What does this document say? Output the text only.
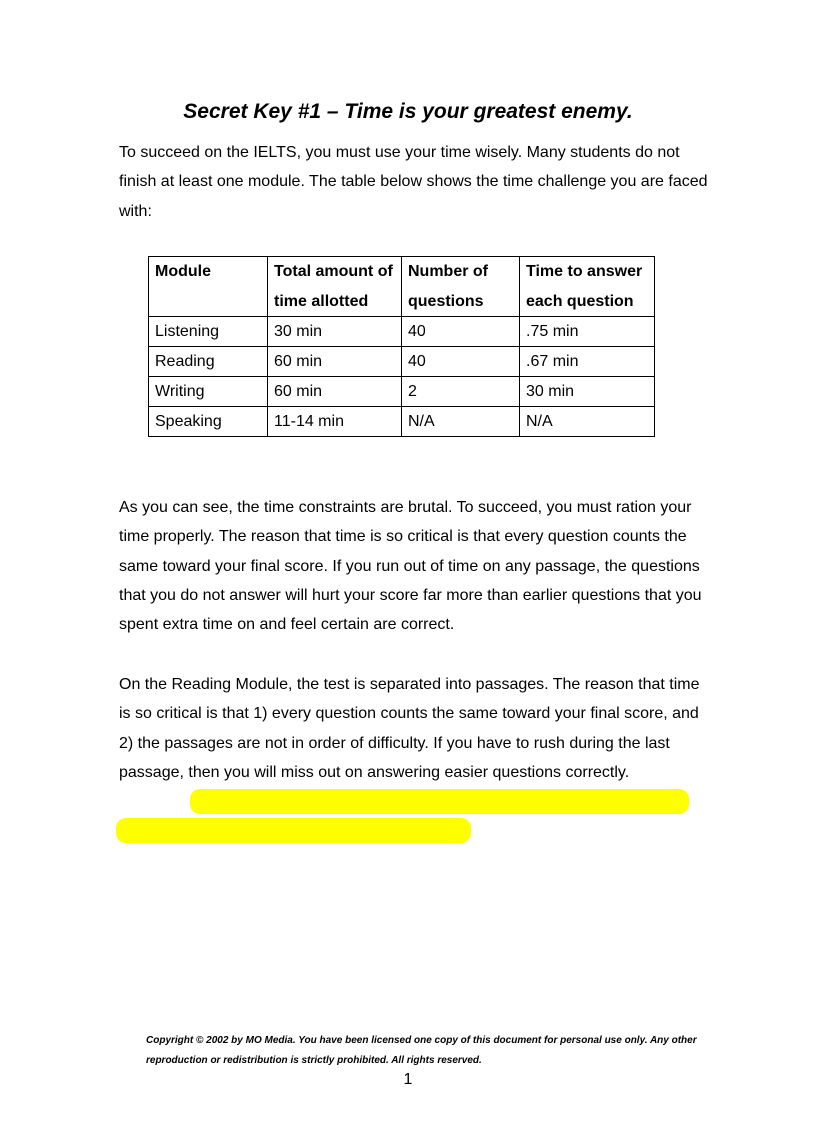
Secret Key #1 – Time is your greatest enemy.

To succeed on the IELTS, you must use your time wisely. Many students do not finish at least one module. The table below shows the time challenge you are faced with:

Module	Total amount of time allotted	Number of questions	Time to answer each question
Listening	30 min	40	.75 min
Reading	60 min	40	.67 min
Writing	60 min	2	30 min
Speaking	11-14 min	N/A	N/A

As you can see, the time constraints are brutal. To succeed, you must ration your time properly. The reason that time is so critical is that every question counts the same toward your final score. If you run out of time on any passage, the questions that you do not answer will hurt your score far more than earlier questions that you spent extra time on and feel certain are correct.

On the Reading Module, the test is separated into passages. The reason that time is so critical is that 1) every question counts the same toward your final score, and 2) the passages are not in order of difficulty. If you have to rush during the last passage, then you will miss out on answering easier questions correctly.

Copyright © 2002 by MO Media. You have been licensed one copy of this document for personal use only. Any other reproduction or redistribution is strictly prohibited. All rights reserved.

1
